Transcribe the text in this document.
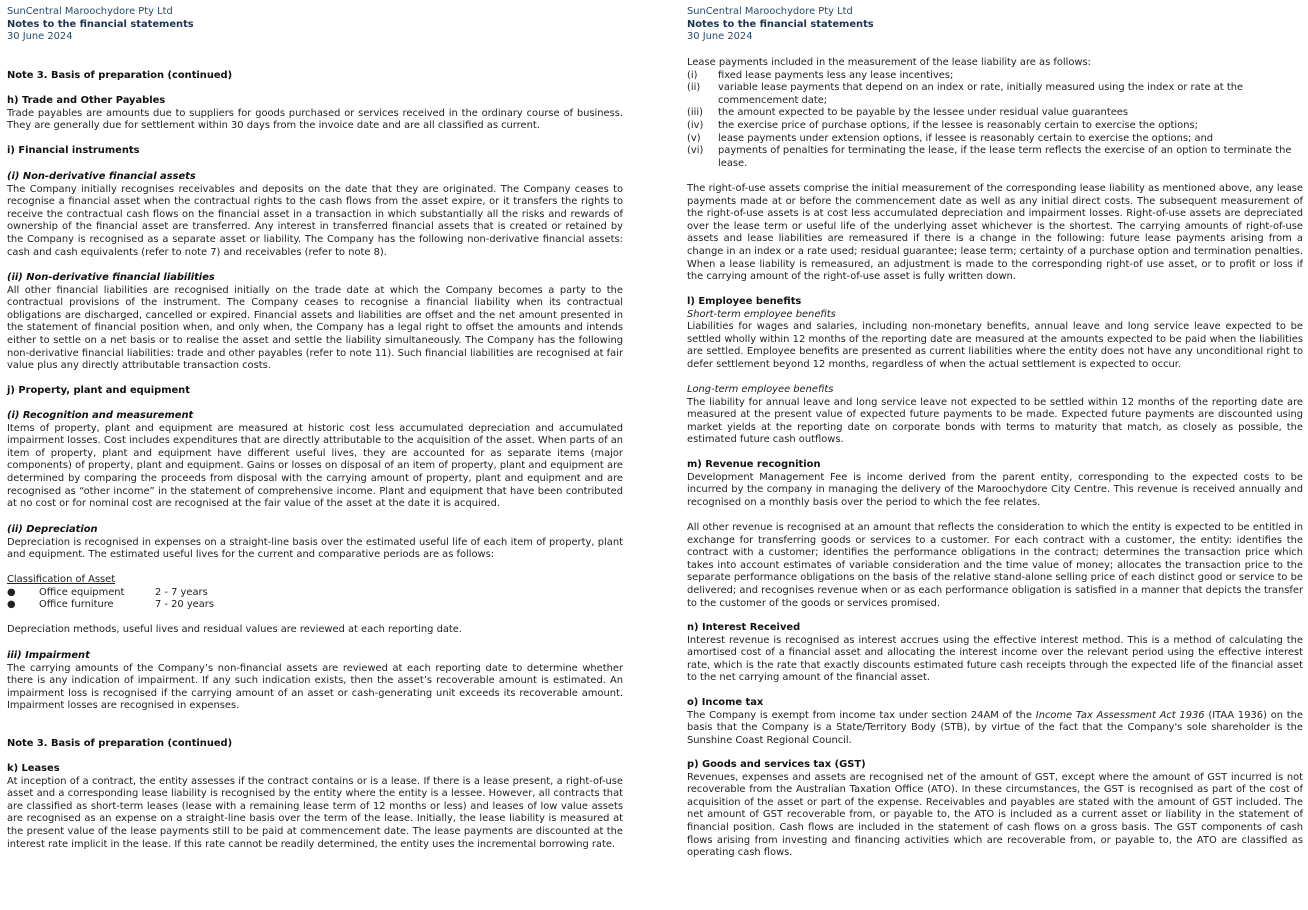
SunCentral Maroochydore Pty Ltd
Notes to the financial statements
30 June 2024
Note 3. Basis of preparation (continued)
h) Trade and Other Payables

Trade payables are amounts due to suppliers for goods purchased or services received in the ordinary course of business. They are generally due for settlement within 30 days from the invoice date and are all classified as current.

i) Financial instruments
(i) Non-derivative financial assets

The Company initially recognises receivables and deposits on the date that they are originated. The Company ceases to recognise a financial asset when the contractual rights to the cash flows from the asset expire, or it transfers the rights to receive the contractual cash flows on the financial asset in a transaction in which substantially all the risks and rewards of ownership of the financial asset are transferred. Any interest in transferred financial assets that is created or retained by the Company is recognised as a separate asset or liability. The Company has the following non-derivative financial assets: cash and cash equivalents (refer to note 7) and receivables (refer to note 8).

(ii) Non-derivative financial liabilities

All other financial liabilities are recognised initially on the trade date at which the Company becomes a party to the contractual provisions of the instrument. The Company ceases to recognise a financial liability when its contractual obligations are discharged, cancelled or expired. Financial assets and liabilities are offset and the net amount presented in the statement of financial position when, and only when, the Company has a legal right to offset the amounts and intends either to settle on a net basis or to realise the asset and settle the liability simultaneously. The Company has the following non-derivative financial liabilities: trade and other payables (refer to note 11). Such financial liabilities are recognised at fair value plus any directly attributable transaction costs.

j) Property, plant and equipment
(i) Recognition and measurement

Items of property, plant and equipment are measured at historic cost less accumulated depreciation and accumulated impairment losses. Cost includes expenditures that are directly attributable to the acquisition of the asset. When parts of an item of property, plant and equipment have different useful lives, they are accounted for as separate items (major components) of property, plant and equipment. Gains or losses on disposal of an item of property, plant and equipment are determined by comparing the proceeds from disposal with the carrying amount of property, plant and equipment and are recognised as “other income” in the statement of comprehensive income. Plant and equipment that have been contributed at no cost or for nominal cost are recognised at the fair value of the asset at the date it is acquired.

(ii) Depreciation

Depreciation is recognised in expenses on a straight-line basis over the estimated useful life of each item of property, plant and equipment. The estimated useful lives for the current and comparative periods are as follows:

Classification of Asset
●	Office equipment	2 - 7 years
●	Office furniture	7 - 20 years

Depreciation methods, useful lives and residual values are reviewed at each reporting date.

iii) Impairment

The carrying amounts of the Company’s non-financial assets are reviewed at each reporting date to determine whether there is any indication of impairment. If any such indication exists, then the asset’s recoverable amount is estimated. An impairment loss is recognised if the carrying amount of an asset or cash-generating unit exceeds its recoverable amount. Impairment losses are recognised in expenses.

Note 3. Basis of preparation (continued)
k) Leases

At inception of a contract, the entity assesses if the contract contains or is a lease. If there is a lease present, a right-of-use asset and a corresponding lease liability is recognised by the entity where the entity is a lessee. However, all contracts that are classified as short-term leases (lease with a remaining lease term of 12 months or less) and leases of low value assets are recognised as an expense on a straight-line basis over the term of the lease. Initially, the lease liability is measured at the present value of the lease payments still to be paid at commencement date. The lease payments are discounted at the interest rate implicit in the lease. If this rate cannot be readily determined, the entity uses the incremental borrowing rate.

SunCentral Maroochydore Pty Ltd
Notes to the financial statements
30 June 2024
Lease payments included in the measurement of the lease liability are as follows:
(i)	fixed lease payments less any lease incentives;
(ii)	variable lease payments that depend on an index or rate, initially measured using the index or rate at the commencement date;
(iii)	the amount expected to be payable by the lessee under residual value guarantees
(iv)	the exercise price of purchase options, if the lessee is reasonably certain to exercise the options;
(v)	lease payments under extension options, if lessee is reasonably certain to exercise the options; and
(vi)	payments of penalties for terminating the lease, if the lease term reflects the exercise of an option to terminate the lease.

The right-of-use assets comprise the initial measurement of the corresponding lease liability as mentioned above, any lease payments made at or before the commencement date as well as any initial direct costs. The subsequent measurement of the right-of-use assets is at cost less accumulated depreciation and impairment losses. Right-of-use assets are depreciated over the lease term or useful life of the underlying asset whichever is the shortest. The carrying amounts of right-of-use assets and lease liabilities are remeasured if there is a change in the following: future lease payments arising from a change in an index or a rate used; residual guarantee; lease term; certainty of a purchase option and termination penalties. When a lease liability is remeasured, an adjustment is made to the corresponding right-of use asset, or to profit or loss if the carrying amount of the right-of-use asset is fully written down.

l) Employee benefits
Short-term employee benefits

Liabilities for wages and salaries, including non-monetary benefits, annual leave and long service leave expected to be settled wholly within 12 months of the reporting date are measured at the amounts expected to be paid when the liabilities are settled. Employee benefits are presented as current liabilities where the entity does not have any unconditional right to defer settlement beyond 12 months, regardless of when the actual settlement is expected to occur.

Long-term employee benefits

The liability for annual leave and long service leave not expected to be settled within 12 months of the reporting date are measured at the present value of expected future payments to be made. Expected future payments are discounted using market yields at the reporting date on corporate bonds with terms to maturity that match, as closely as possible, the estimated future cash outflows.

m) Revenue recognition

Development Management Fee is income derived from the parent entity, corresponding to the expected costs to be incurred by the company in managing the delivery of the Maroochydore City Centre. This revenue is received annually and recognised on a monthly basis over the period to which the fee relates.

All other revenue is recognised at an amount that reflects the consideration to which the entity is expected to be entitled in exchange for transferring goods or services to a customer. For each contract with a customer, the entity: identifies the contract with a customer; identifies the performance obligations in the contract; determines the transaction price which takes into account estimates of variable consideration and the time value of money; allocates the transaction price to the separate performance obligations on the basis of the relative stand-alone selling price of each distinct good or service to be delivered; and recognises revenue when or as each performance obligation is satisfied in a manner that depicts the transfer to the customer of the goods or services promised.

n) Interest Received

Interest revenue is recognised as interest accrues using the effective interest method. This is a method of calculating the amortised cost of a financial asset and allocating the interest income over the relevant period using the effective interest rate, which is the rate that exactly discounts estimated future cash receipts through the expected life of the financial asset to the net carrying amount of the financial asset.

o) Income tax

The Company is exempt from income tax under section 24AM of the Income Tax Assessment Act 1936 (ITAA 1936) on the basis that the Company is a State/Territory Body (STB), by virtue of the fact that the Company's sole shareholder is the Sunshine Coast Regional Council.

p) Goods and services tax (GST)

Revenues, expenses and assets are recognised net of the amount of GST, except where the amount of GST incurred is not recoverable from the Australian Taxation Office (ATO). In these circumstances, the GST is recognised as part of the cost of acquisition of the asset or part of the expense. Receivables and payables are stated with the amount of GST included. The net amount of GST recoverable from, or payable to, the ATO is included as a current asset or liability in the statement of financial position. Cash flows are included in the statement of cash flows on a gross basis. The GST components of cash flows arising from investing and financing activities which are recoverable from, or payable to, the ATO are classified as operating cash flows.
